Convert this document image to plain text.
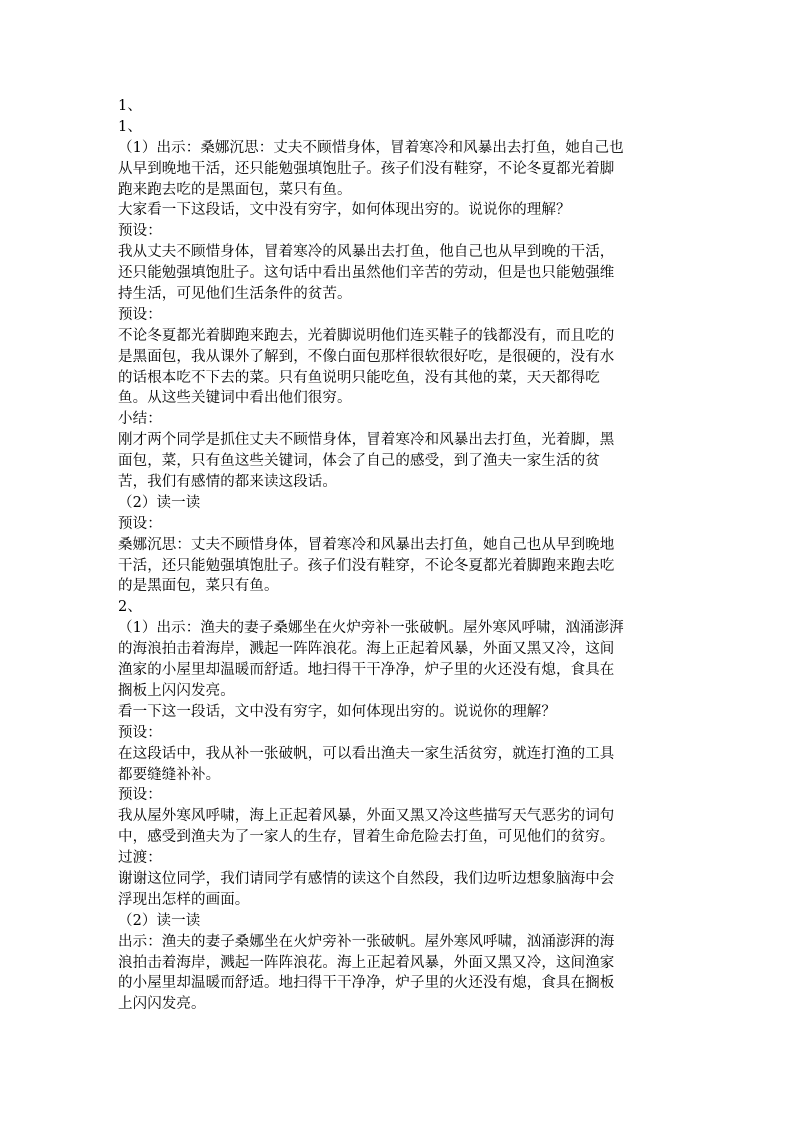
1、
1、
（1）出示：桑娜沉思：丈夫不顾惜身体，冒着寒冷和风暴出去打鱼，她自己也
从早到晚地干活，还只能勉强填饱肚子。孩子们没有鞋穿，不论冬夏都光着脚
跑来跑去吃的是黑面包，菜只有鱼。
大家看一下这段话，文中没有穷字，如何体现出穷的。说说你的理解？
预设：
我从丈夫不顾惜身体，冒着寒冷的风暴出去打鱼，他自己也从早到晚的干活，
还只能勉强填饱肚子。这句话中看出虽然他们辛苦的劳动，但是也只能勉强维
持生活，可见他们生活条件的贫苦。
预设：
不论冬夏都光着脚跑来跑去，光着脚说明他们连买鞋子的钱都没有，而且吃的
是黑面包，我从课外了解到，不像白面包那样很软很好吃，是很硬的，没有水
的话根本吃不下去的菜。只有鱼说明只能吃鱼，没有其他的菜，天天都得吃
鱼。从这些关键词中看出他们很穷。
小结：
刚才两个同学是抓住丈夫不顾惜身体，冒着寒冷和风暴出去打鱼，光着脚，黑
面包，菜，只有鱼这些关键词，体会了自己的感受，到了渔夫一家生活的贫
苦，我们有感情的都来读这段话。
（2）读一读
预设：
桑娜沉思：丈夫不顾惜身体，冒着寒冷和风暴出去打鱼，她自己也从早到晚地
干活，还只能勉强填饱肚子。孩子们没有鞋穿，不论冬夏都光着脚跑来跑去吃
的是黑面包，菜只有鱼。
2、
（1）出示：渔夫的妻子桑娜坐在火炉旁补一张破帆。屋外寒风呼啸，汹涌澎湃
的海浪拍击着海岸，溅起一阵阵浪花。海上正起着风暴，外面又黑又冷，这间
渔家的小屋里却温暖而舒适。地扫得干干净净，炉子里的火还没有熄，食具在
搁板上闪闪发亮。
看一下这一段话，文中没有穷字，如何体现出穷的。说说你的理解？
预设：
在这段话中，我从补一张破帆，可以看出渔夫一家生活贫穷，就连打渔的工具
都要缝缝补补。
预设：
我从屋外寒风呼啸，海上正起着风暴，外面又黑又冷这些描写天气恶劣的词句
中，感受到渔夫为了一家人的生存，冒着生命危险去打鱼，可见他们的贫穷。
过渡：
谢谢这位同学，我们请同学有感情的读这个自然段，我们边听边想象脑海中会
浮现出怎样的画面。
（2）读一读
出示：渔夫的妻子桑娜坐在火炉旁补一张破帆。屋外寒风呼啸，汹涌澎湃的海
浪拍击着海岸，溅起一阵阵浪花。海上正起着风暴，外面又黑又冷，这间渔家
的小屋里却温暖而舒适。地扫得干干净净，炉子里的火还没有熄，食具在搁板
上闪闪发亮。
